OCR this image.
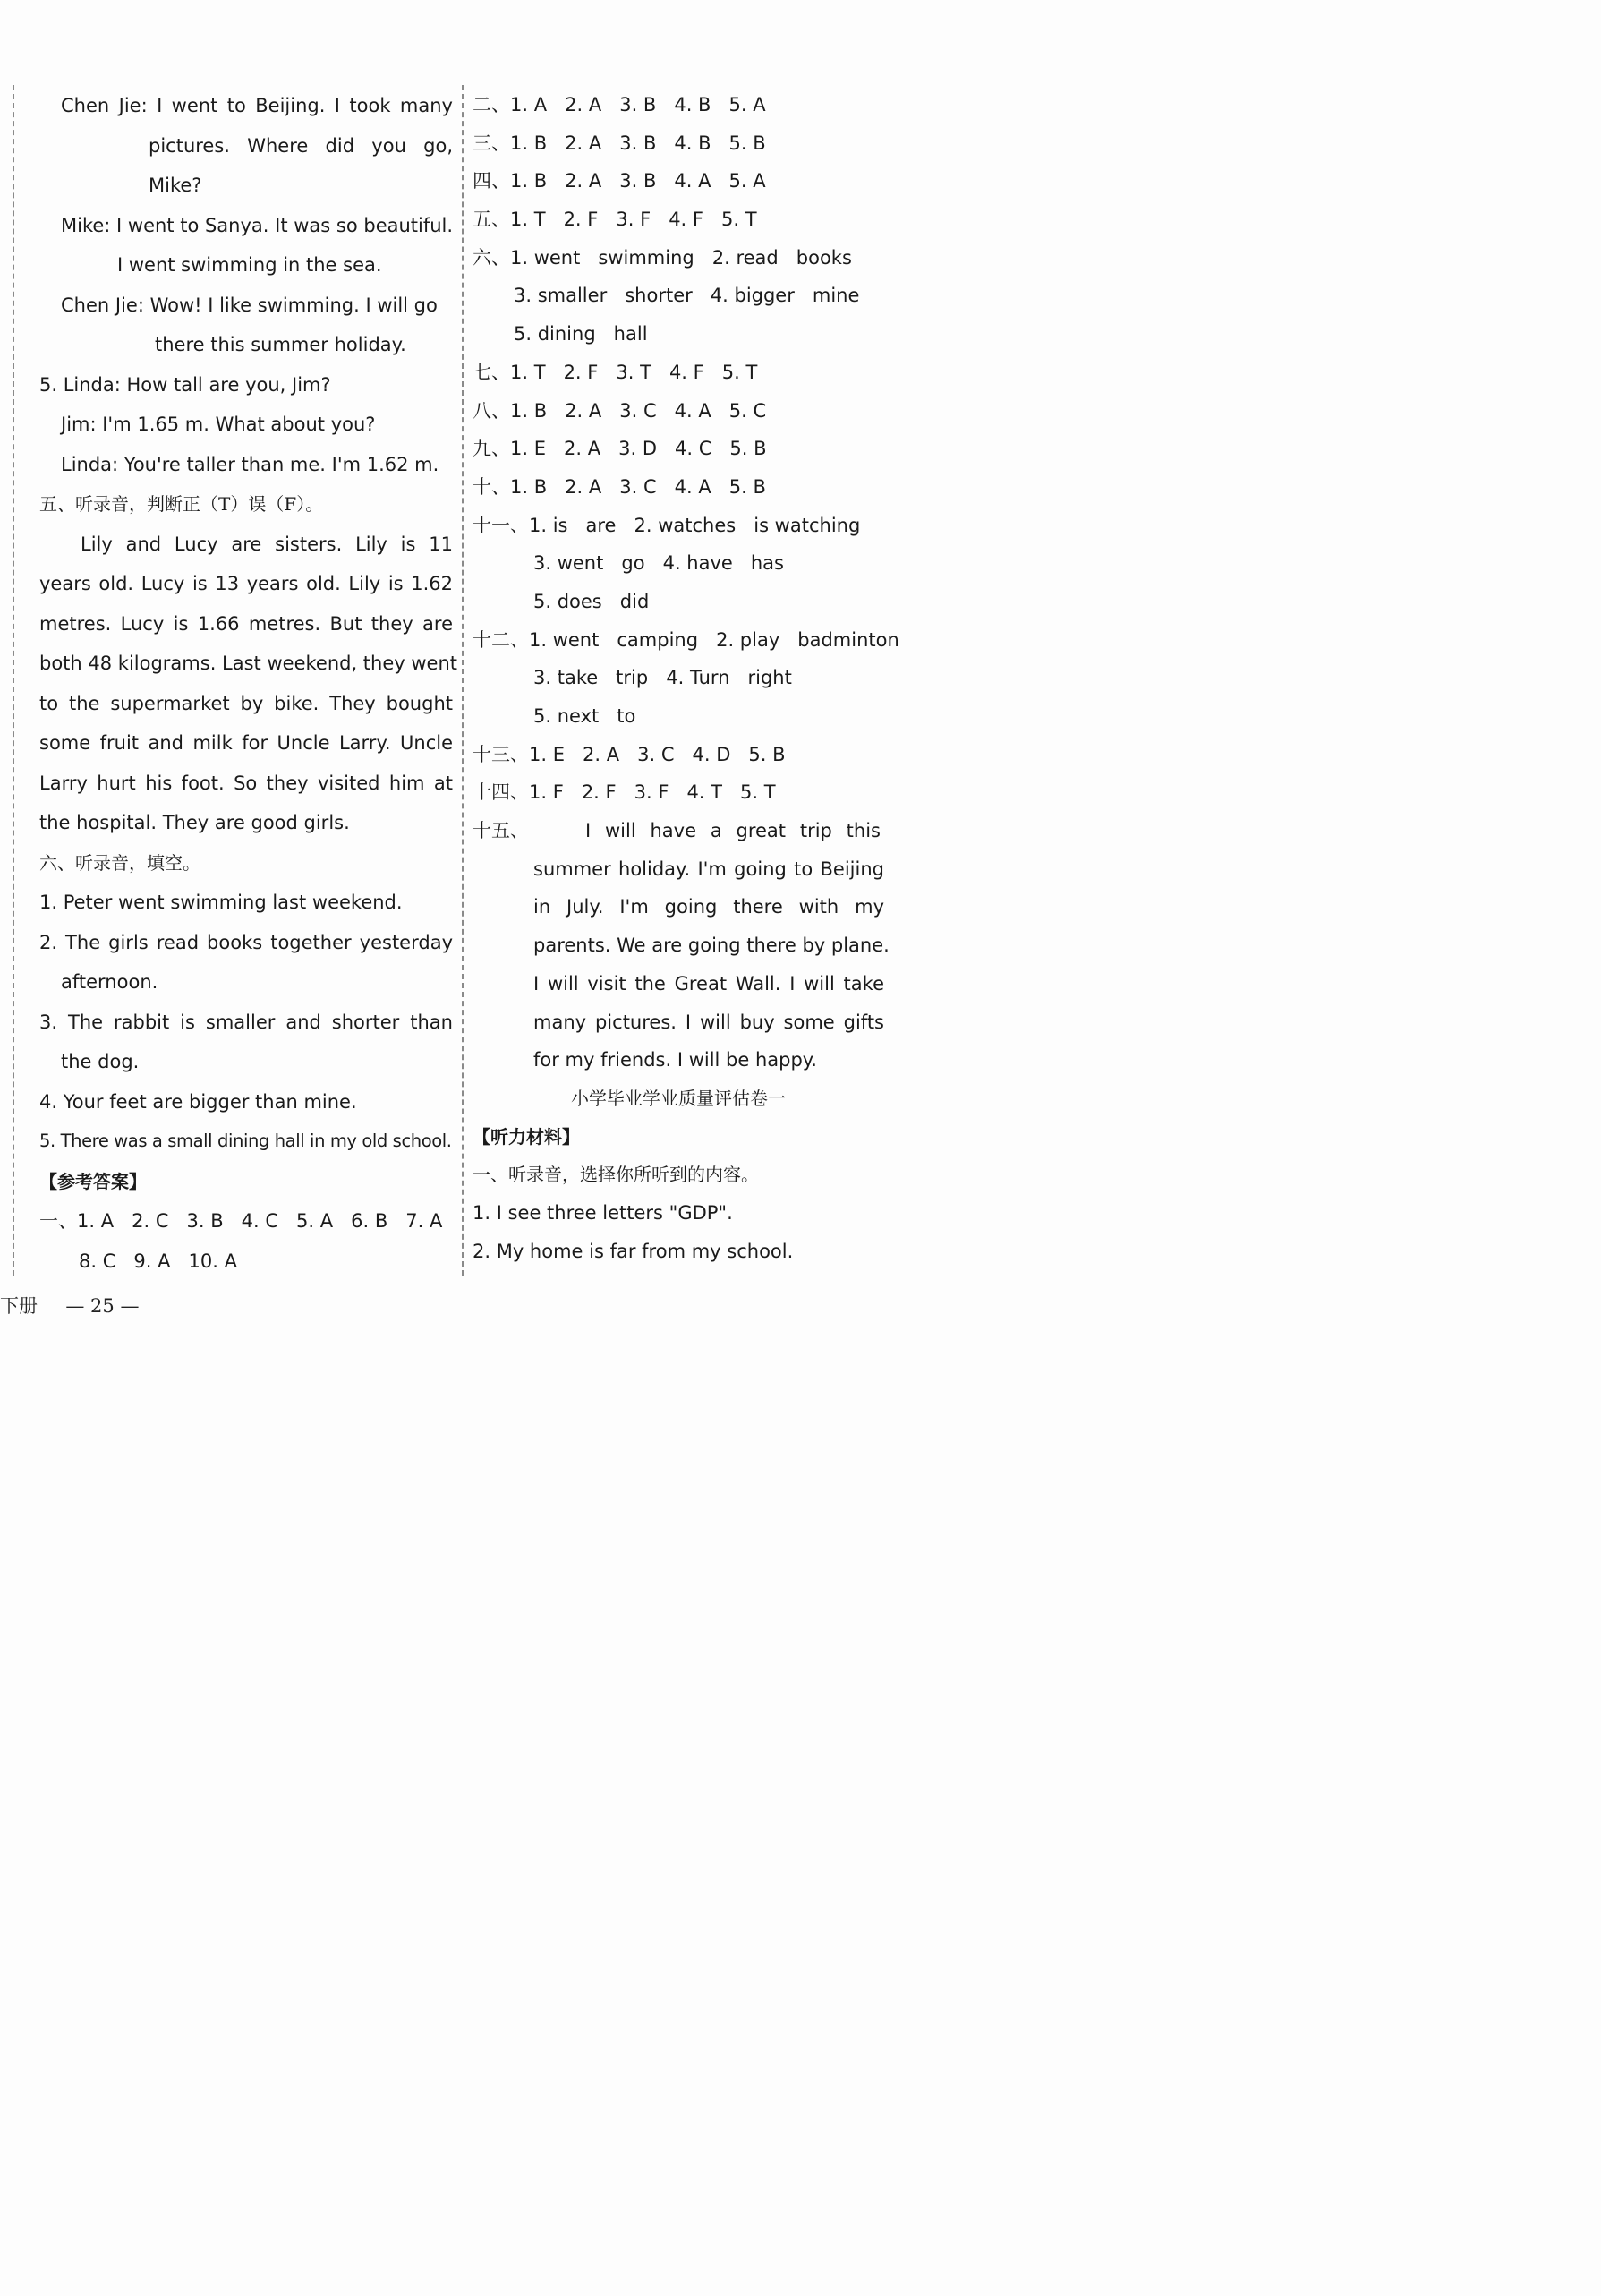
Chen Jie: I went to Beijing. I took many
pictures. Where did you go,
Mike?
Mike: I went to Sanya. It was so beautiful.
I went swimming in the sea.
Chen Jie: Wow! I like swimming. I will go
there this summer holiday.
5. Linda: How tall are you, Jim?
Jim: I'm 1.65 m. What about you?
Linda: You're taller than me. I'm 1.62 m.
五、听录音，判断正（T）误（F）。
Lily and Lucy are sisters. Lily is 11
years old. Lucy is 13 years old. Lily is 1.62
metres. Lucy is 1.66 metres. But they are
both 48 kilograms. Last weekend, they went
to the supermarket by bike. They bought
some fruit and milk for Uncle Larry. Uncle
Larry hurt his foot. So they visited him at
the hospital. They are good girls.
六、听录音，填空。
1. Peter went swimming last weekend.
2. The girls read books together yesterday
afternoon.
3. The rabbit is smaller and shorter than
the dog.
4. Your feet are bigger than mine.
5. There was a small dining hall in my old school.
【参考答案】
一、1. A   2. C   3. B   4. C   5. A   6. B   7. A
8. C   9. A   10. A
二、1. A   2. A   3. B   4. B   5. A
三、1. B   2. A   3. B   4. B   5. B
四、1. B   2. A   3. B   4. A   5. A
五、1. T   2. F   3. F   4. F   5. T
六、1. went   swimming   2. read   books
3. smaller   shorter   4. bigger   mine
5. dining   hall
七、1. T   2. F   3. T   4. F   5. T
八、1. B   2. A   3. C   4. A   5. C
九、1. E   2. A   3. D   4. C   5. B
十、1. B   2. A   3. C   4. A   5. B
十一、1. is   are   2. watches   is watching
3. went   go   4. have   has
5. does   did
十二、1. went   camping   2. play   badminton
3. take   trip   4. Turn   right
5. next   to
十三、1. E   2. A   3. C   4. D   5. B
十四、1. F   2. F   3. F   4. T   5. T
十五、	I will have a great trip this
summer holiday. I'm going to Beijing
in July. I'm going there with my
parents. We are going there by plane.
I will visit the Great Wall. I will take
many pictures. I will buy some gifts
for my friends. I will be happy.
小学毕业学业质量评估卷一
【听力材料】
一、听录音，选择你所听到的内容。
1. I see three letters "GDP".
2. My home is far from my school.
下册 — 25 —
